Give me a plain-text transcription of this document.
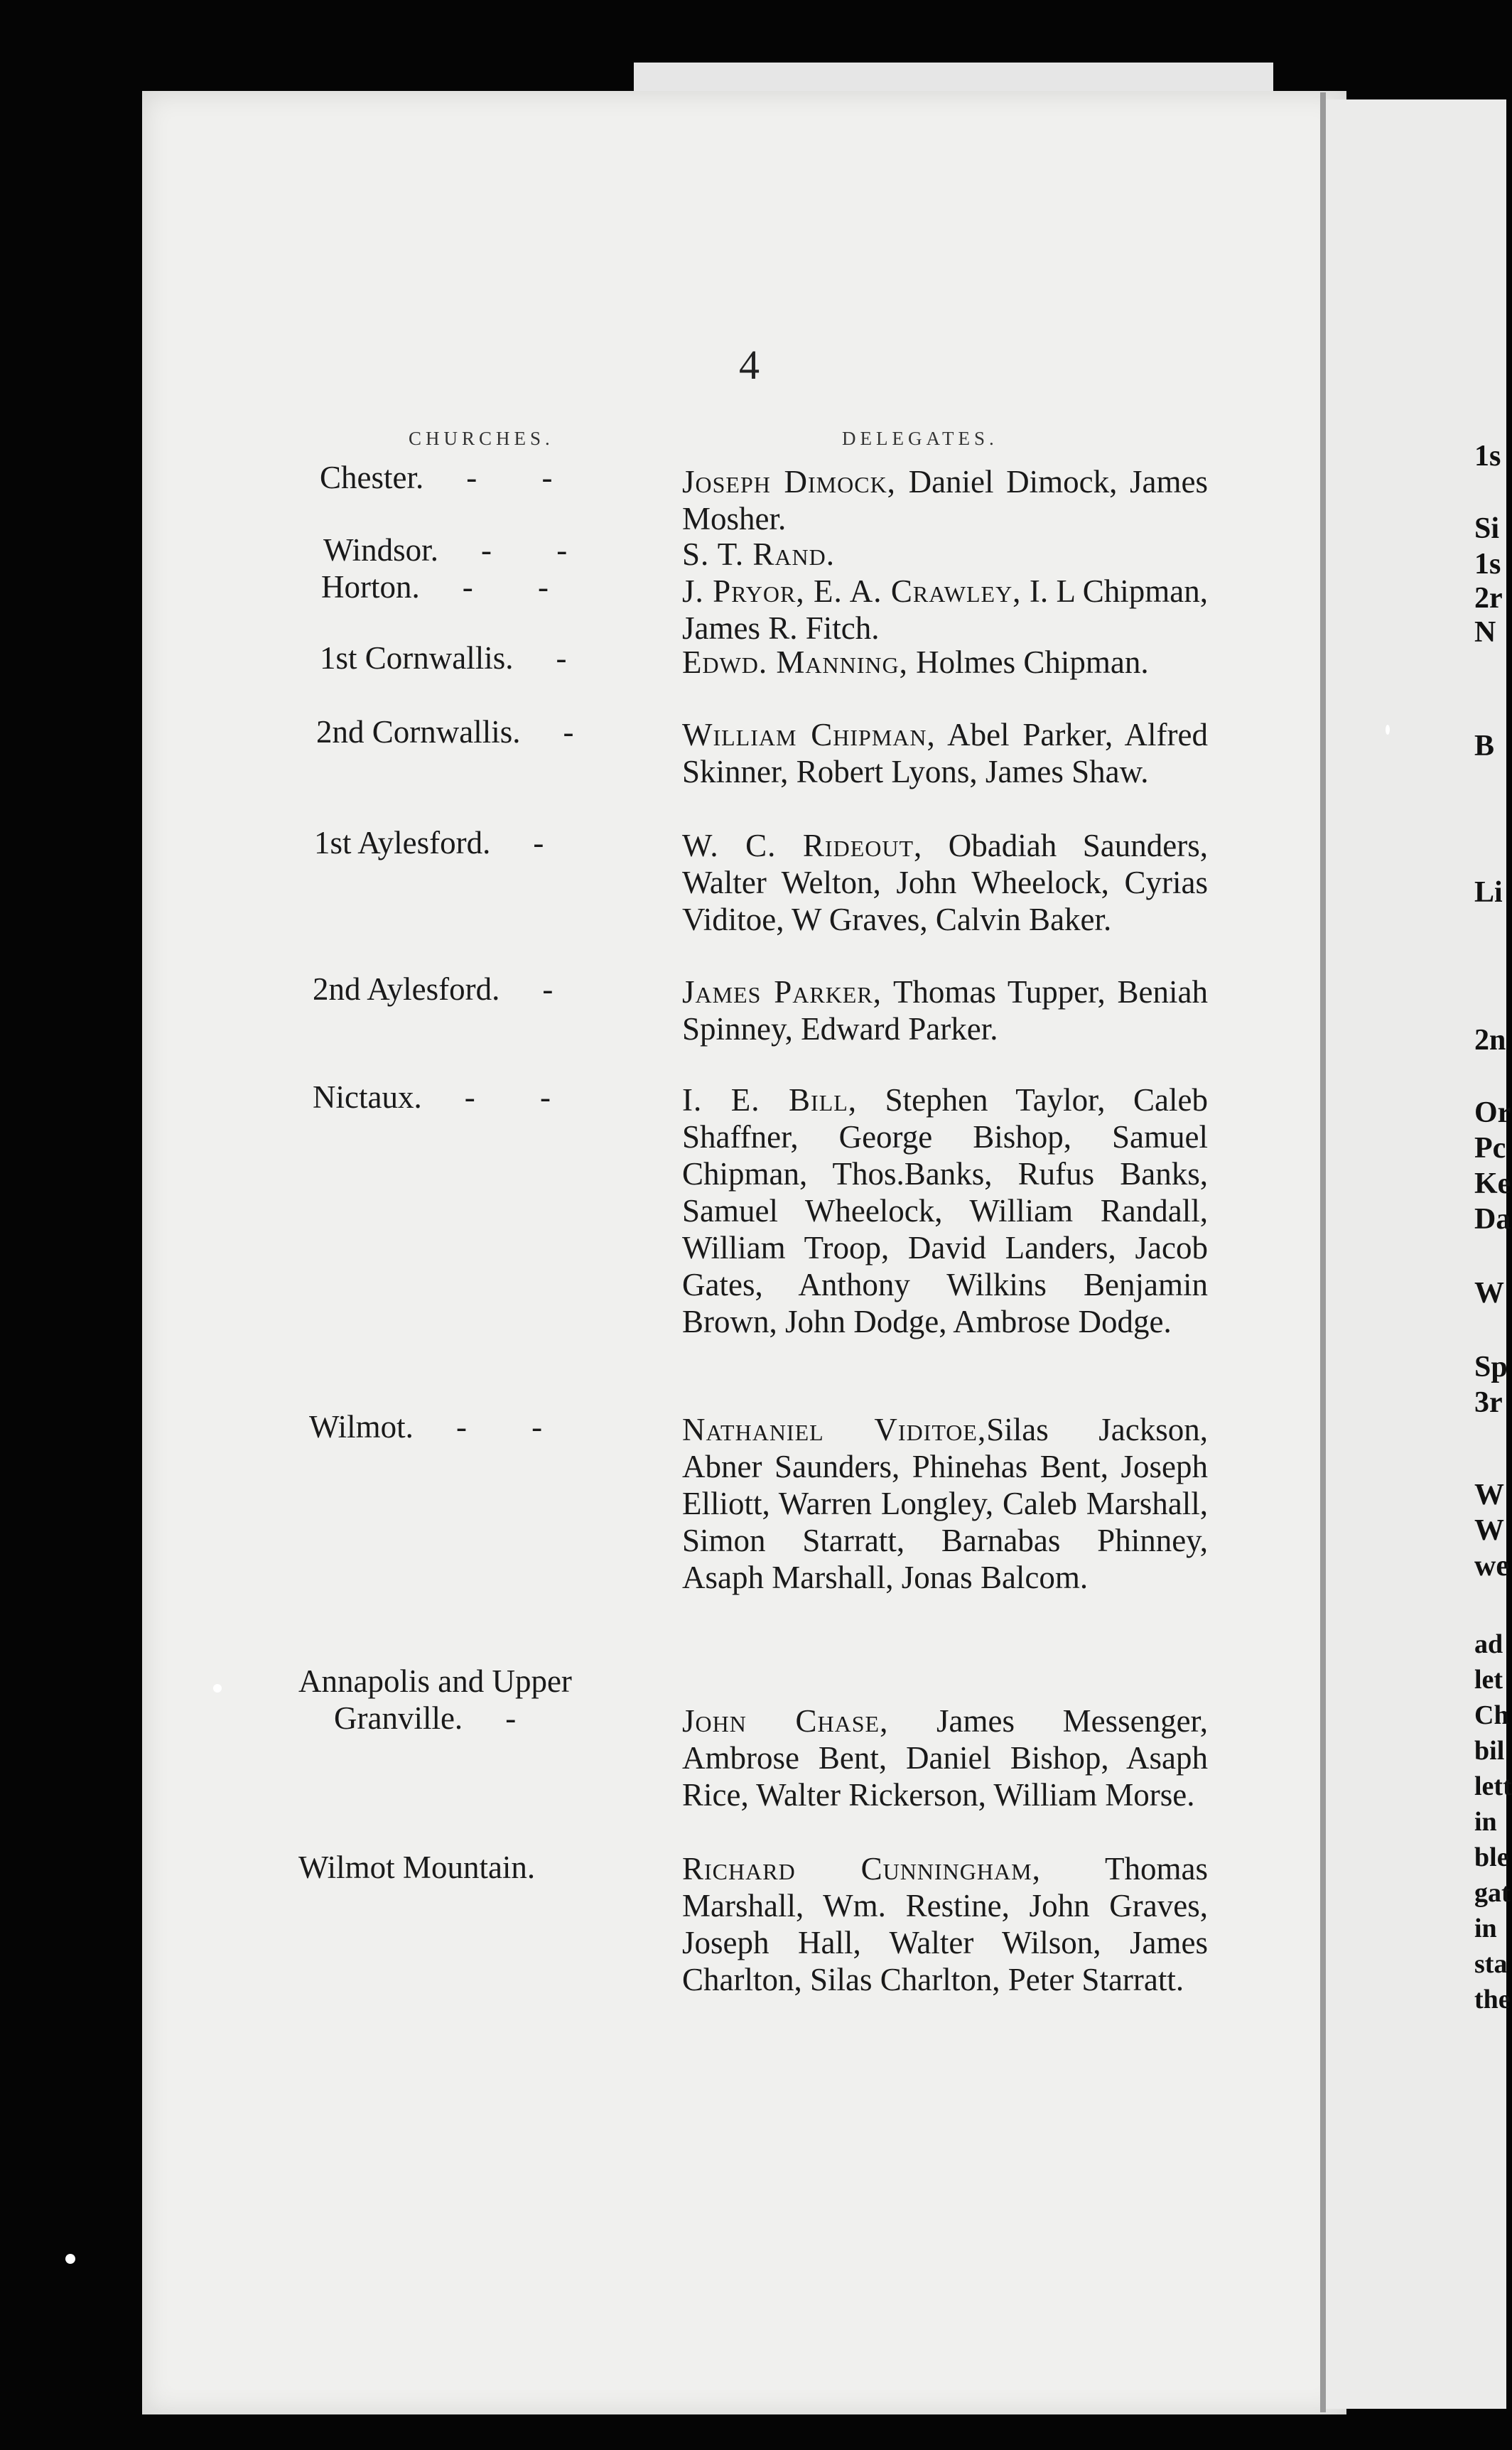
4
CHURCHES.	DELEGATES.
Chester. - -	Joseph Dimock, Daniel Dimock, James Mosher.
Windsor. - -	S. T. Rand.
Horton. - -	J. Pryor, E. A. Crawley, I. L Chipman, James R. Fitch.
1st Cornwallis. -	Edwd. Manning, Holmes Chipman.
2nd Cornwallis. -	William Chipman, Abel Parker, Alfred Skinner, Robert Lyons, James Shaw.
1st Aylesford. -	W. C. Rideout, Obadiah Saunders, Walter Welton, John Wheelock, Cyrias Viditoe, W Graves, Calvin Baker.
2nd Aylesford. -	James Parker, Thomas Tupper, Beniah Spinney, Edward Parker.
Nictaux. - -	I. E. Bill, Stephen Taylor, Caleb Shaffner, George Bishop, Samuel Chipman, Thos.Banks, Rufus Banks, Samuel Wheelock, William Randall, William Troop, David Landers, Jacob Gates, Anthony Wilkins Benjamin Brown, John Dodge, Ambrose Dodge.
Wilmot. - -	Nathaniel Viditoe,Silas Jackson, Abner Saunders, Phinehas Bent, Joseph Elliott, Warren Longley, Caleb Marshall, Simon Starratt, Barnabas Phinney, Asaph Marshall, Jonas Balcom.
Annapolis and Upper
Granville. -	John Chase, James Messenger, Ambrose Bent, Daniel Bishop, Asaph Rice, Walter Rickerson, William Morse.
Wilmot Mountain.	Richard Cunningham, Thomas Marshall, Wm. Restine, John Graves, Joseph Hall, Walter Wilson, James Charlton, Silas Charlton, Peter Starratt.
1s
Si
1s
2r
N
B
Li
2n
Or
Pc
Ke
Da
W
Sp
3r
W
W
we
ad
let
Ch
bil
lett
in
ble
gat
in
sta
the
